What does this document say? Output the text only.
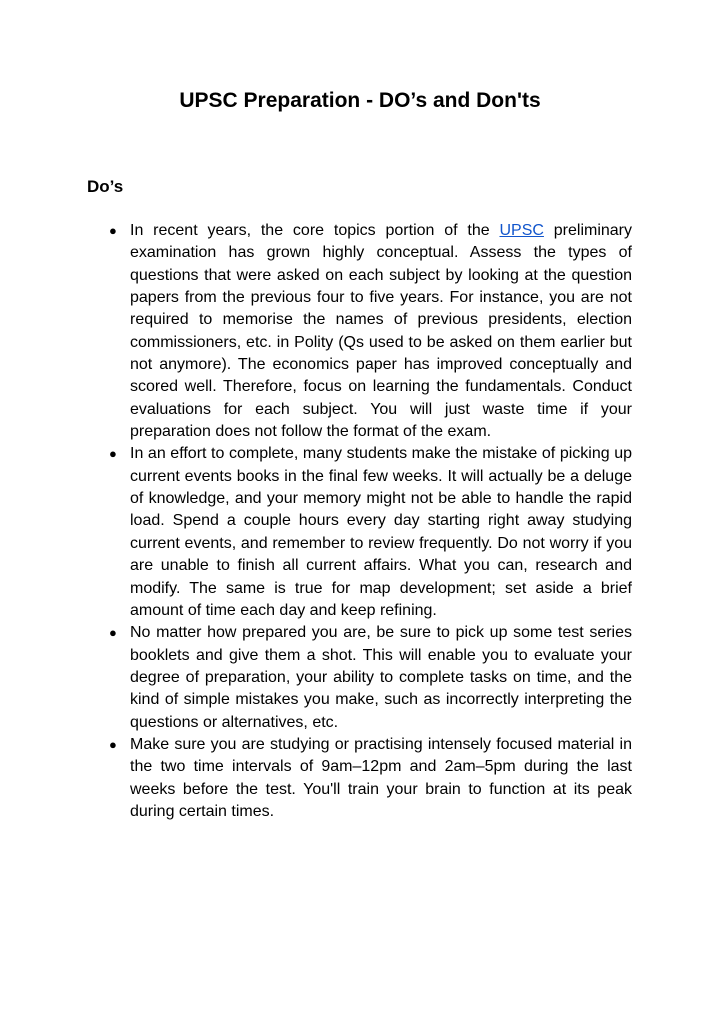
UPSC Preparation - DO’s and Don'ts
Do’s
● In recent years, the core topics portion of the UPSC preliminary examination has grown highly conceptual. Assess the types of questions that were asked on each subject by looking at the question papers from the previous four to five years. For instance, you are not required to memorise the names of previous presidents, election commissioners, etc. in Polity (Qs used to be asked on them earlier but not anymore). The economics paper has improved conceptually and scored well. Therefore, focus on learning the fundamentals. Conduct evaluations for each subject. You will just waste time if your preparation does not follow the format of the exam.
● In an effort to complete, many students make the mistake of picking up current events books in the final few weeks. It will actually be a deluge of knowledge, and your memory might not be able to handle the rapid load. Spend a couple hours every day starting right away studying current events, and remember to review frequently. Do not worry if you are unable to finish all current affairs. What you can, research and modify. The same is true for map development; set aside a brief amount of time each day and keep refining.
● No matter how prepared you are, be sure to pick up some test series booklets and give them a shot. This will enable you to evaluate your degree of preparation, your ability to complete tasks on time, and the kind of simple mistakes you make, such as incorrectly interpreting the questions or alternatives, etc.
● Make sure you are studying or practising intensely focused material in the two time intervals of 9am–12pm and 2am–5pm during the last weeks before the test. You'll train your brain to function at its peak during certain times.
